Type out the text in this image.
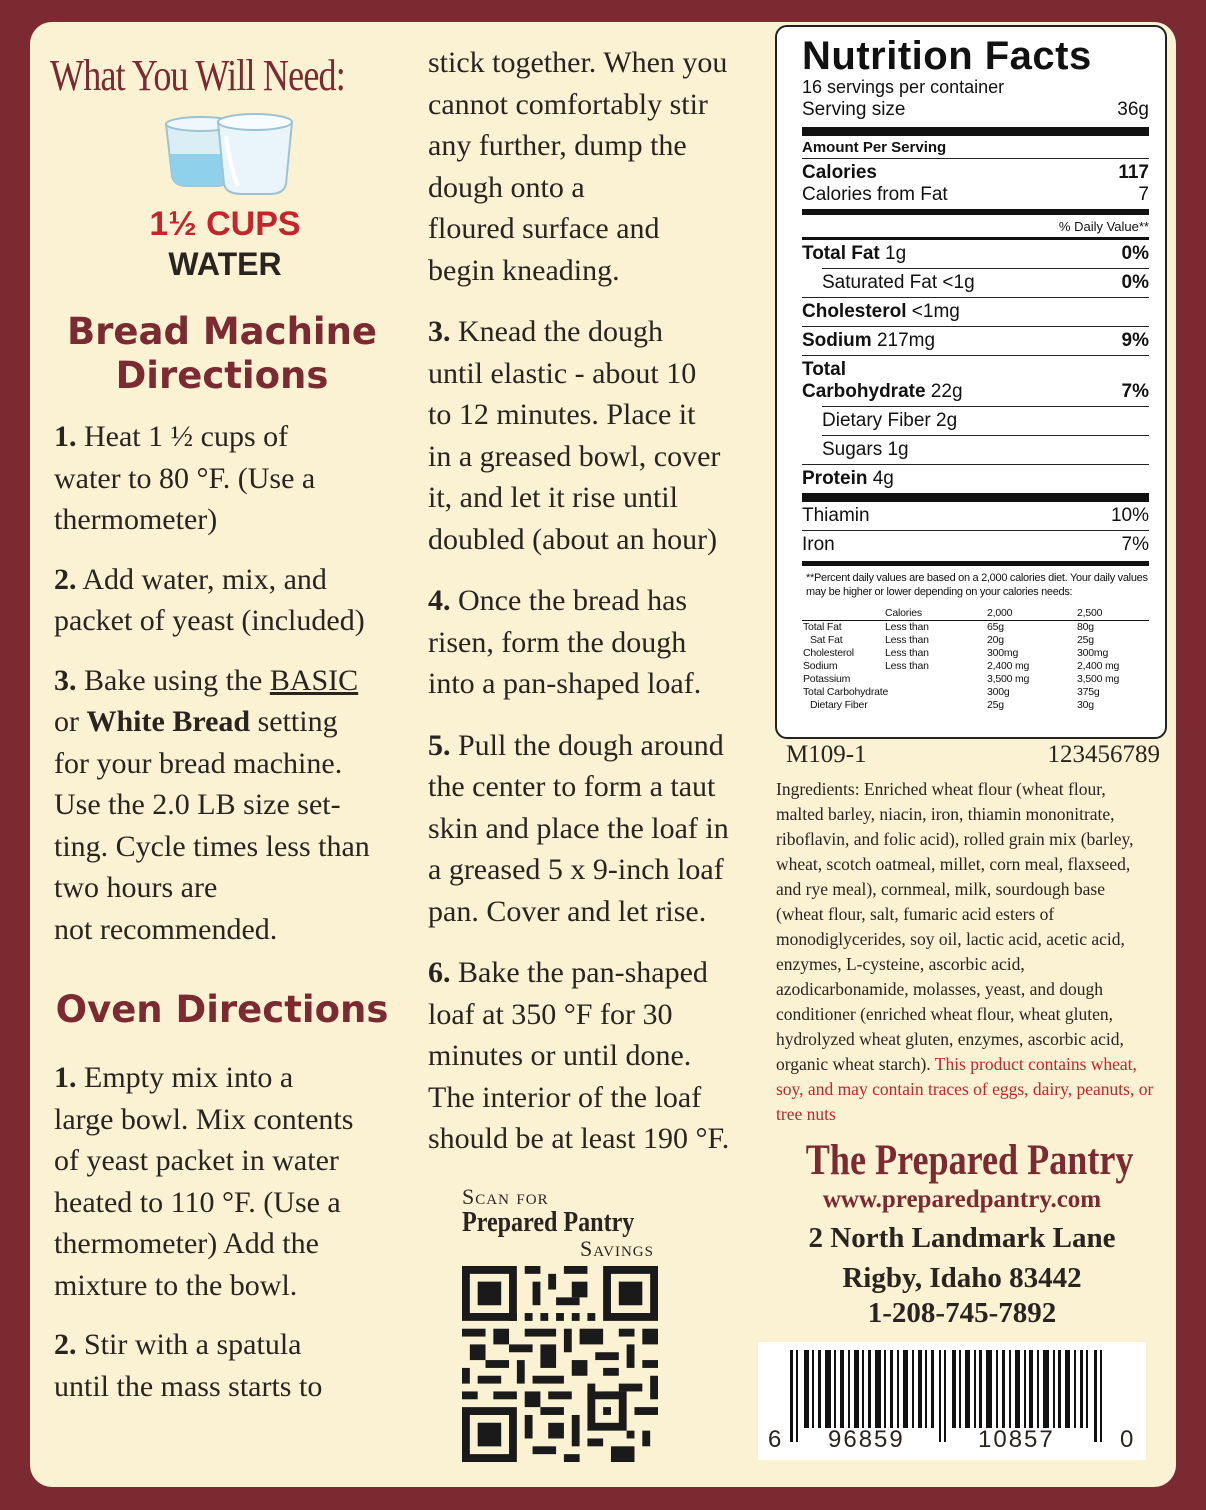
What You Will Need:
1½ CUPS
WATER
Bread Machine
Directions
1. Heat 1 ½ cups of
water to 80 °F. (Use a
thermometer)
2. Add water, mix, and
packet of yeast (included)
3. Bake using the BASIC
or White Bread setting
for your bread machine.
Use the 2.0 LB size set-
ting. Cycle times less than
two hours are
not recommended.
Oven Directions
1. Empty mix into a
large bowl. Mix contents
of yeast packet in water
heated to 110 °F. (Use a
thermometer) Add the
mixture to the bowl.
2. Stir with a spatula
until the mass starts to
stick together. When you
cannot comfortably stir
any further, dump the
dough onto a
floured surface and
begin kneading.
3. Knead the dough
until elastic - about 10
to 12 minutes. Place it
in a greased bowl, cover
it, and let it rise until
doubled (about an hour)
4. Once the bread has
risen, form the dough
into a pan-shaped loaf.
5. Pull the dough around
the center to form a taut
skin and place the loaf in
a greased 5 x 9-inch loaf
pan. Cover and let rise.
6. Bake the pan-shaped
loaf at 350 °F for 30
minutes or until done.
The interior of the loaf
should be at least 190 °F.
Scan for
Prepared Pantry
Savings
Nutrition Facts
16 servings per container
Serving size	36g
Amount Per Serving
Calories	117
Calories from Fat	7
% Daily Value**
Total Fat 1g	0%
Saturated Fat <1g	0%
Cholesterol <1mg
Sodium 217mg	9%
Total
Carbohydrate 22g	7%
Dietary Fiber 2g
Sugars 1g
Protein 4g
Thiamin	10%
Iron	7%
**Percent daily values are based on a 2,000 calories diet. Your daily values may be higher or lower depending on your calories needs:
	Calories	2,000	2,500
Total Fat	Less than	65g	80g
Sat Fat	Less than	20g	25g
Cholesterol	Less than	300mg	300mg
Sodium	Less than	2,400 mg	2,400 mg
Potassium		3,500 mg	3,500 mg
Total Carbohydrate		300g	375g
Dietary Fiber		25g	30g
M109-1	123456789
Ingredients: Enriched wheat flour (wheat flour, malted barley, niacin, iron, thiamin mononitrate, riboflavin, and folic acid), rolled grain mix (barley, wheat, scotch oatmeal, millet, corn meal, flaxseed, and rye meal), cornmeal, milk, sourdough base (wheat flour, salt, fumaric acid esters of monodiglycerides, soy oil, lactic acid, acetic acid, enzymes, L-cysteine, ascorbic acid, azodicarbonamide, molasses, yeast, and dough conditioner (enriched wheat flour, wheat gluten, hydrolyzed wheat gluten, enzymes, ascorbic acid, organic wheat starch). This product contains wheat, soy, and may contain traces of eggs, dairy, peanuts, or tree nuts
The Prepared Pantry
www.preparedpantry.com
2 North Landmark Lane
Rigby, Idaho 83442
1-208-745-7892
6 96859	10857	0
